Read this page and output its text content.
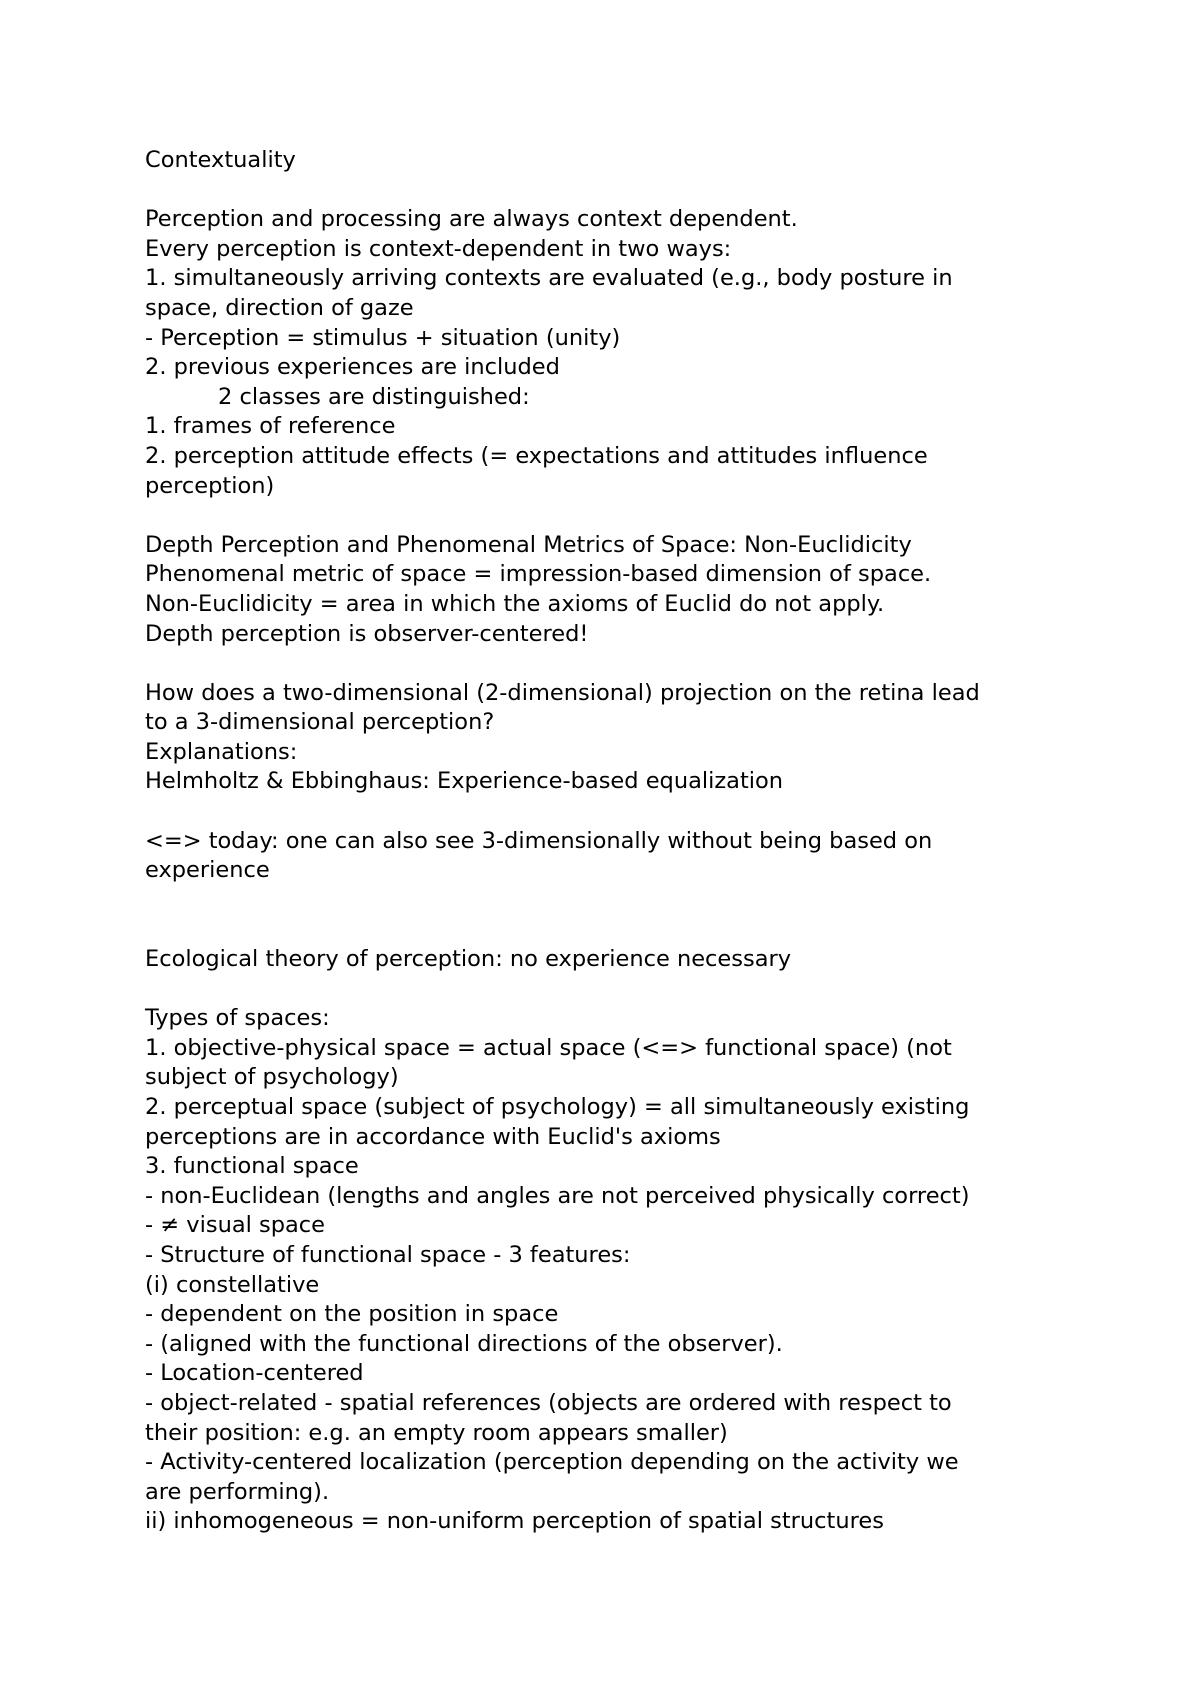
Contextuality
Perception and processing are always context dependent.
Every perception is context-dependent in two ways:
1. simultaneously arriving contexts are evaluated (e.g., body posture in
space, direction of gaze
- Perception = stimulus + situation (unity)
2. previous experiences are included
2 classes are distinguished:
1. frames of reference
2. perception attitude effects (= expectations and attitudes influence
perception)
Depth Perception and Phenomenal Metrics of Space: Non-Euclidicity
Phenomenal metric of space = impression-based dimension of space.
Non-Euclidicity = area in which the axioms of Euclid do not apply.
Depth perception is observer-centered!
How does a two-dimensional (2-dimensional) projection on the retina lead
to a 3-dimensional perception?
Explanations:
Helmholtz & Ebbinghaus: Experience-based equalization
<=> today: one can also see 3-dimensionally without being based on
experience
Ecological theory of perception: no experience necessary
Types of spaces:
1. objective-physical space = actual space (<=> functional space) (not
subject of psychology)
2. perceptual space (subject of psychology) = all simultaneously existing
perceptions are in accordance with Euclid's axioms
3. functional space
- non-Euclidean (lengths and angles are not perceived physically correct)
- ≠ visual space
- Structure of functional space - 3 features:
(i) constellative
- dependent on the position in space
- (aligned with the functional directions of the observer).
- Location-centered
- object-related - spatial references (objects are ordered with respect to
their position: e.g. an empty room appears smaller)
- Activity-centered localization (perception depending on the activity we
are performing).
ii) inhomogeneous = non-uniform perception of spatial structures
